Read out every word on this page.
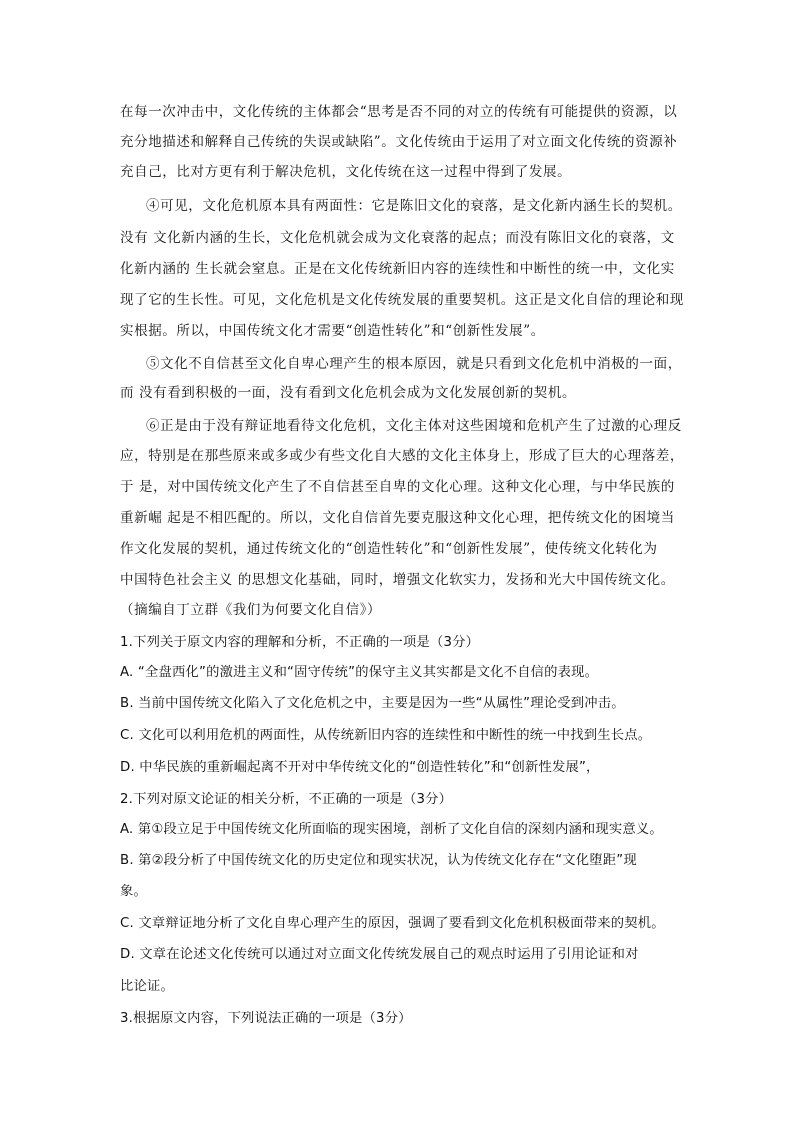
在每一次冲击中，文化传统的主体都会“思考是否不同的对立的传统有可能提供的资源，以
充分地描述和解释自己传统的失误或缺陷”。文化传统由于运用了对立面文化传统的资源补
充自己，比对方更有利于解决危机，文化传统在这一过程中得到了发展。
④可见，文化危机原本具有两面性：它是陈旧文化的衰落，是文化新内涵生长的契机。
没有 文化新内涵的生长，文化危机就会成为文化衰落的起点；而没有陈旧文化的衰落，文
化新内涵的 生长就会窒息。正是在文化传统新旧内容的连续性和中断性的统一中，文化实
现了它的生长性。可见，文化危机是文化传统发展的重要契机。这正是文化自信的理论和现
实根据。所以，中国传统文化才需要“创造性转化”和“创新性发展”。
⑤文化不自信甚至文化自卑心理产生的根本原因，就是只看到文化危机中消极的一面，
而 没有看到积极的一面，没有看到文化危机会成为文化发展创新的契机。
⑥正是由于没有辩证地看待文化危机，文化主体对这些困境和危机产生了过激的心理反
应，特别是在那些原来或多或少有些文化自大感的文化主体身上，形成了巨大的心理落差，
于 是，对中国传统文化产生了不自信甚至自卑的文化心理。这种文化心理，与中华民族的
重新崛 起是不相匹配的。所以，文化自信首先要克服这种文化心理，把传统文化的困境当
作文化发展的契机，通过传统文化的“创造性转化”和“创新性发展”，使传统文化转化为
中国特色社会主义 的思想文化基础，同时，增强文化软实力，发扬和光大中国传统文化。
（摘编自丁立群《我们为何要文化自信》）
1.下列关于原文内容的理解和分析，不正确的一项是（3分）
A. “全盘西化”的激进主义和“固守传统”的保守主义其实都是文化不自信的表现。
B. 当前中国传统文化陷入了文化危机之中，主要是因为一些“从属性”理论受到冲击。
C. 文化可以利用危机的两面性，从传统新旧内容的连续性和中断性的统一中找到生长点。
D. 中华民族的重新崛起离不开对中华传统文化的“创造性转化”和“创新性发展”，
2.下列对原文论证的相关分析，不正确的一项是（3分）
A. 第①段立足于中国传统文化所面临的现实困境，剖析了文化自信的深刻内涵和现实意义。
B. 第②段分析了中国传统文化的历史定位和现实状况，认为传统文化存在“文化堕距”现
象。
C. 文章辩证地分析了文化自卑心理产生的原因，强调了要看到文化危机积极面带来的契机。
D. 文章在论述文化传统可以通过对立面文化传统发展自己的观点时运用了引用论证和对
比论证。
3.根据原文内容，下列说法正确的一项是（3分）
